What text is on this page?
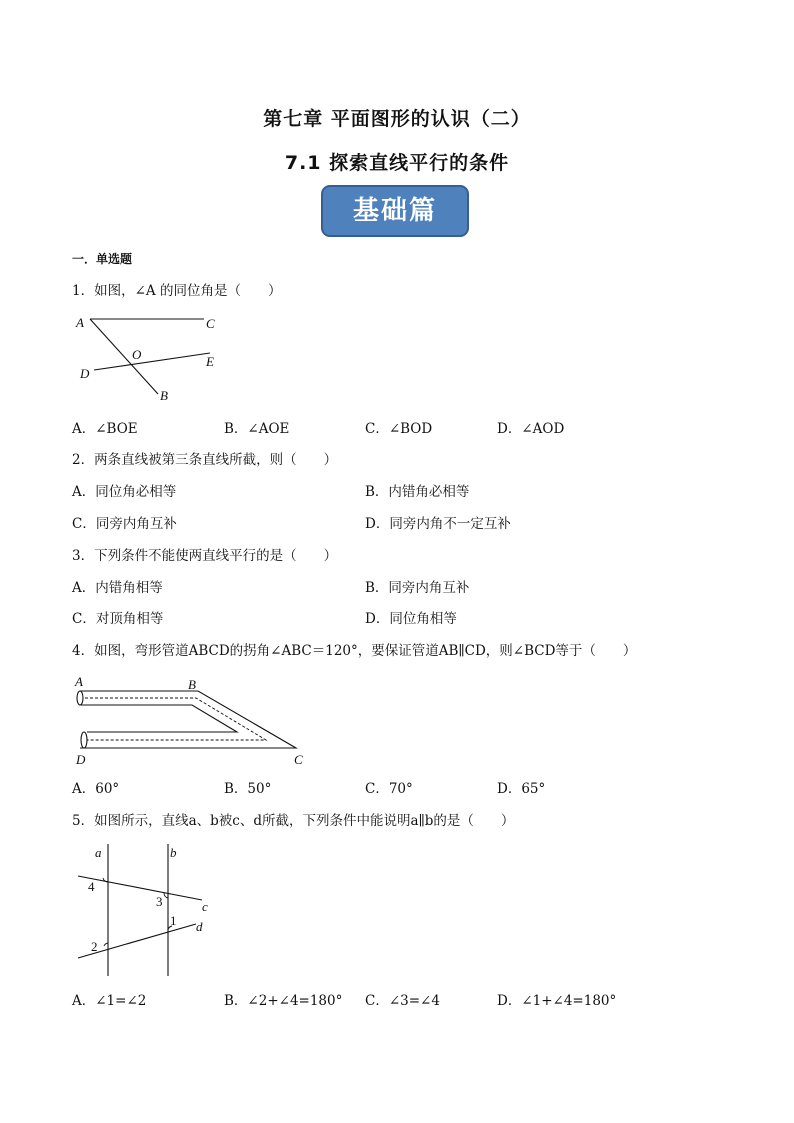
第七章 平面图形的认识（二）
7.1 探索直线平行的条件
基础篇
一．单选题
1．如图，∠A 的同位角是（　　）
A	C
O	E
D
B
A．∠BOE	B．∠AOE	C．∠BOD	D．∠AOD
2．两条直线被第三条直线所截，则（　　）
A．同位角必相等	B．内错角必相等
C．同旁内角互补	D．同旁内角不一定互补
3．下列条件不能使两直线平行的是（　　）
A．内错角相等	B．同旁内角互补
C．对顶角相等	D．同位角相等
4．如图，弯形管道ABCD的拐角∠ABC＝120°，要保证管道AB∥CD，则∠BCD等于（　　）
A	B
D	C
A．60°	B．50°	C．70°	D．65°
5．如图所示，直线a、b被c、d所截，下列条件中能说明a∥b的是（　　）
a	b
c
d
4
3
1
2
A．∠1=∠2	B．∠2+∠4=180° C．∠3=∠4	D．∠1+∠4=180°
